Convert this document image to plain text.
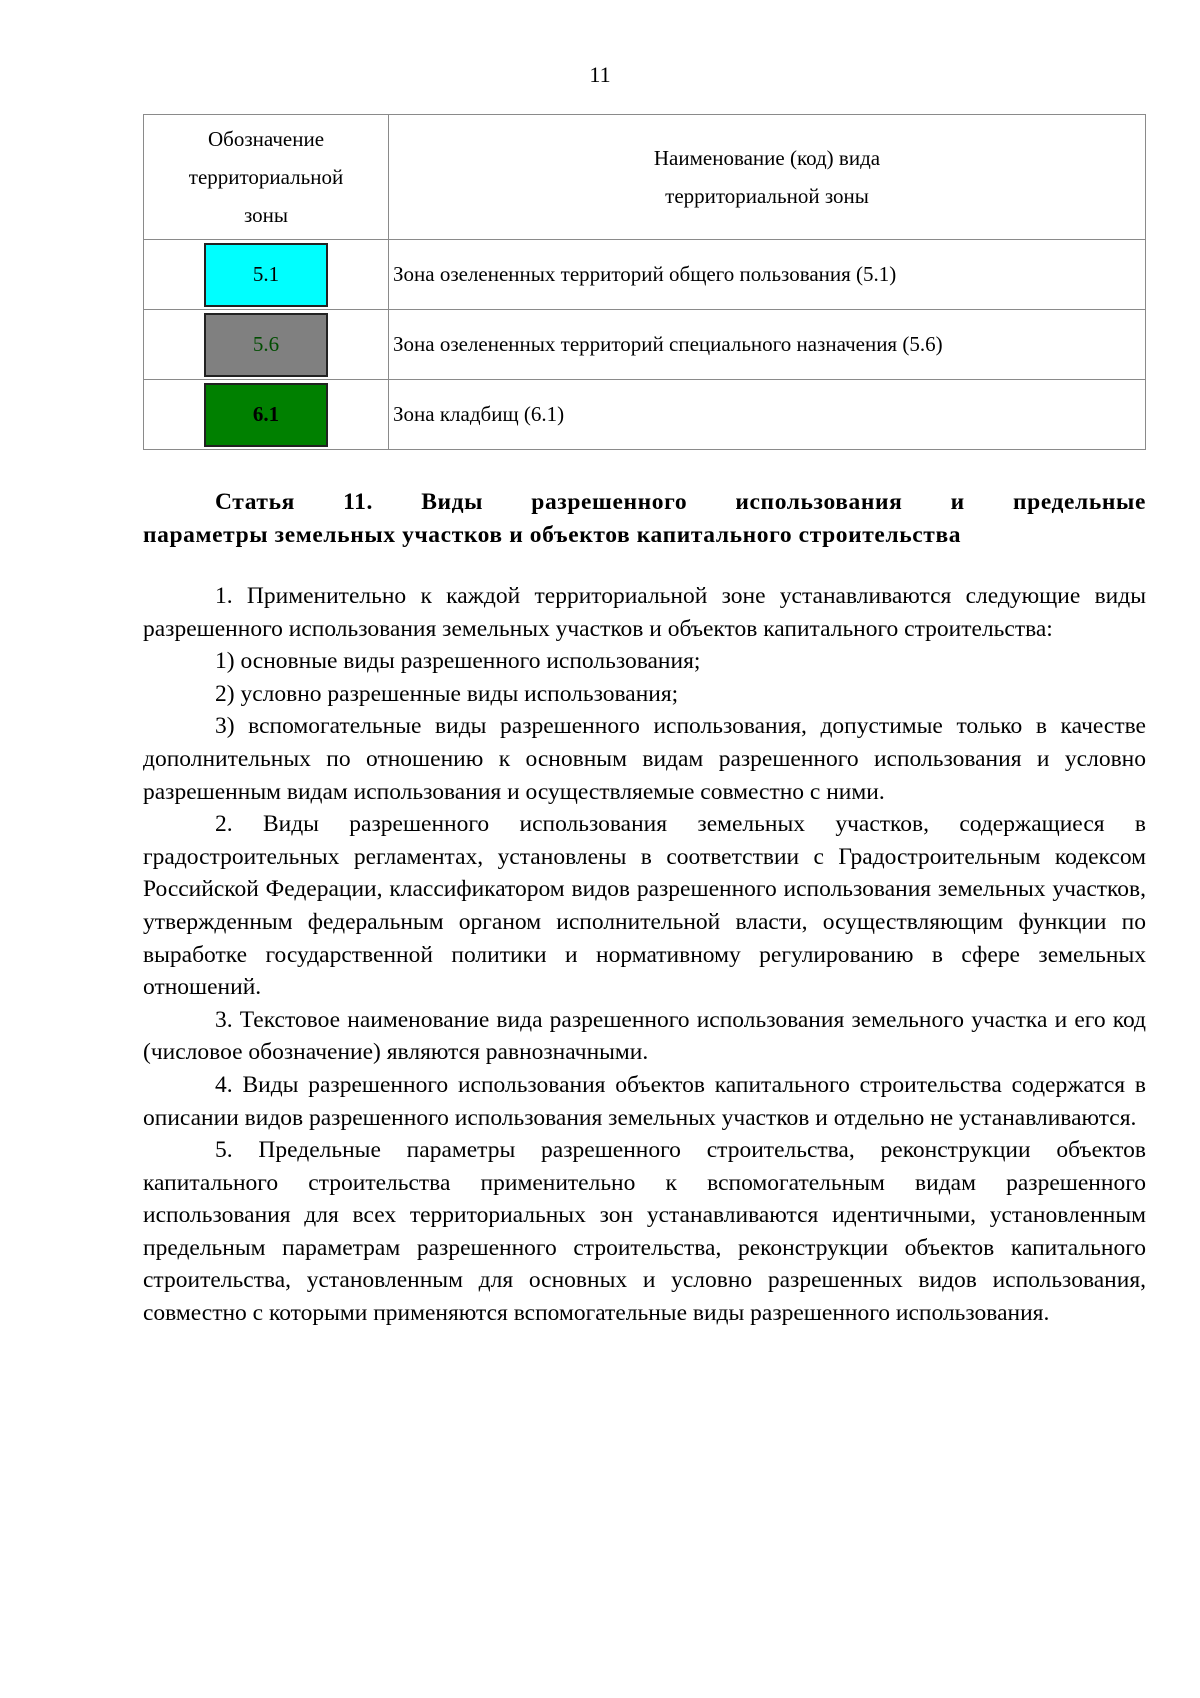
11
Обозначение
территориальной
зоны	Наименование (код) вида
территориальной зоны

5.1	Зона озелененных территорий общего пользования (5.1)

5.6	Зона озелененных территорий специального назначения (5.6)

6.1	Зона кладбищ (6.1)
Статья 11. Виды разрешенного использования и предельные
параметры земельных участков и объектов капитального строительства

1. Применительно к каждой территориальной зоне устанавливаются следующие виды разрешенного использования земельных участков и объектов капитального строительства:

1) основные виды разрешенного использования;

2) условно разрешенные виды использования;

3) вспомогательные виды разрешенного использования, допустимые только в качестве дополнительных по отношению к основным видам разрешенного использования и условно разрешенным видам использования и осуществляемые совместно с ними.

2. Виды разрешенного использования земельных участков, содержащиеся в градостроительных регламентах, установлены в соответствии с Градостроительным кодексом Российской Федерации, классификатором видов разрешенного использования земельных участков, утвержденным федеральным органом исполнительной власти, осуществляющим функции по выработке государственной политики и нормативному регулированию в сфере земельных отношений.

3. Текстовое наименование вида разрешенного использования земельного участка и его код (числовое обозначение) являются равнозначными.

4. Виды разрешенного использования объектов капитального строительства содержатся в описании видов разрешенного использования земельных участков и отдельно не устанавливаются.

5. Предельные параметры разрешенного строительства, реконструкции объектов капитального строительства применительно к вспомогательным видам разрешенного использования для всех территориальных зон устанавливаются идентичными, установленным предельным параметрам разрешенного строительства, реконструкции объектов капитального строительства, установленным для основных и условно разрешенных видов использования, совместно с которыми применяются вспомогательные виды разрешенного использования.
